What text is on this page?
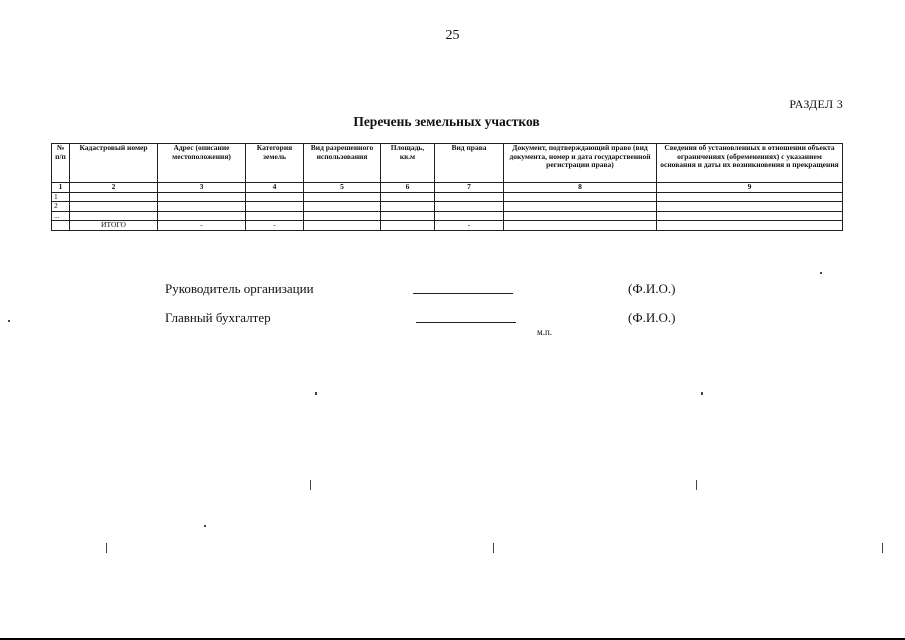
25
РАЗДЕЛ 3
Перечень земельных участков
№ п/п	Кадастровый номер	Адрес (описание местоположения)	Категория земель	Вид разрешенного использования	Площадь, кв.м	Вид права	Документ, подтверждающий право (вид документа, номер и дата государственной регистрации права)	Сведения об установленных в отношении объекта ограничениях (обременениях) с указанием основания и даты их возникновения и прекращения
1	2	3	4	5	6	7	8	9
1								
2								
...								
	ИТОГО	-	-			-		
Руководитель организации	(Ф.И.О.)
Главный бухгалтер	(Ф.И.О.)
м.п.
